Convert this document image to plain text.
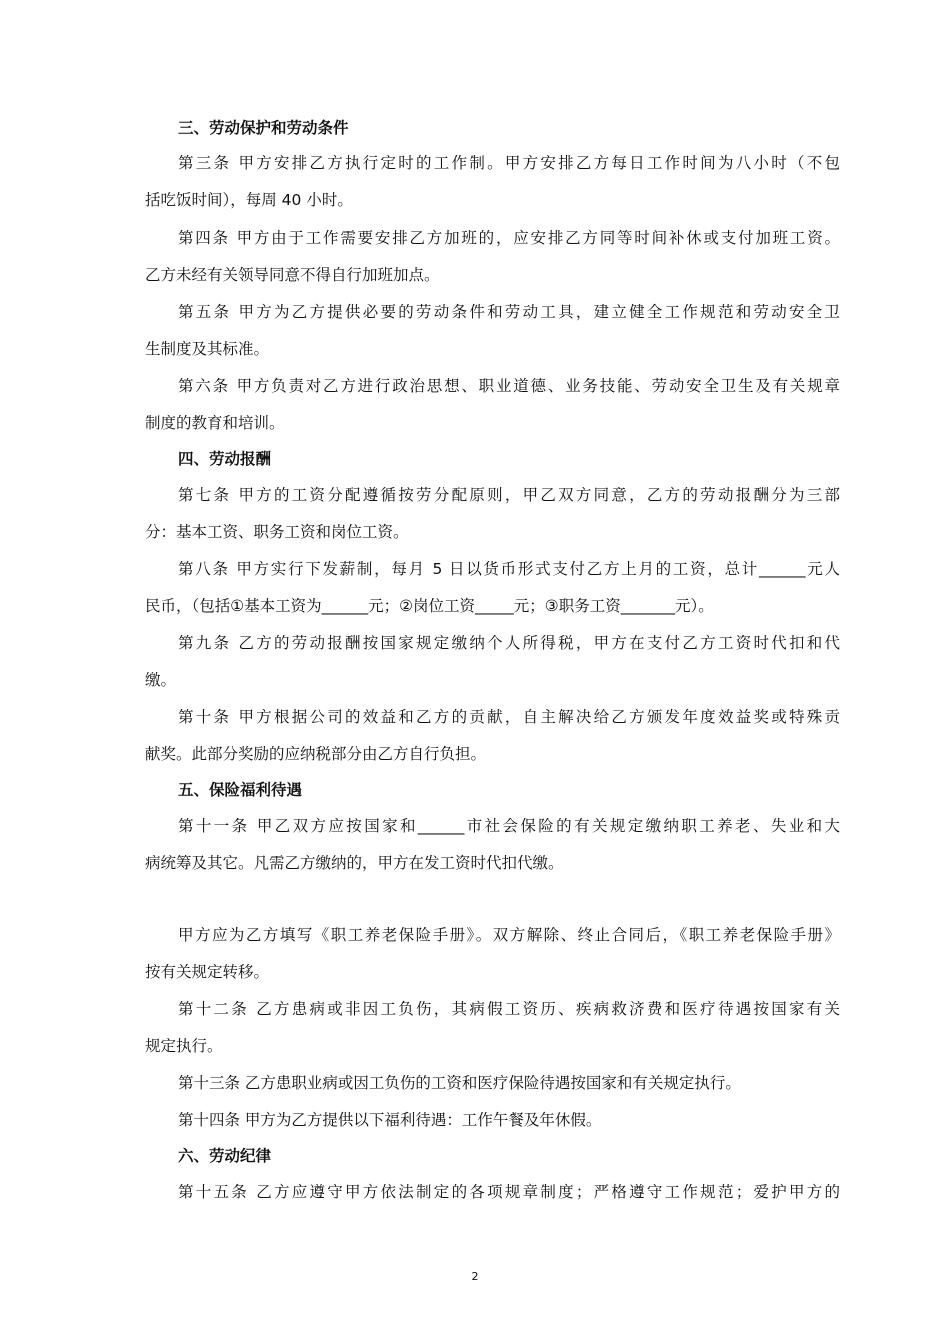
三、劳动保护和劳动条件
第三条 甲方安排乙方执行定时的工作制。甲方安排乙方每日工作时间为八小时（不包
括吃饭时间），每周 40 小时。
第四条 甲方由于工作需要安排乙方加班的，应安排乙方同等时间补休或支付加班工资。
乙方未经有关领导同意不得自行加班加点。
第五条 甲方为乙方提供必要的劳动条件和劳动工具，建立健全工作规范和劳动安全卫
生制度及其标准。
第六条 甲方负责对乙方进行政治思想、职业道德、业务技能、劳动安全卫生及有关规章
制度的教育和培训。
四、劳动报酬
第七条 甲方的工资分配遵循按劳分配原则，甲乙双方同意，乙方的劳动报酬分为三部
分：基本工资、职务工资和岗位工资。
第八条 甲方实行下发薪制，每月 5 日以货币形式支付乙方上月的工资，总计______元人
民币，（包括①基本工资为______元；②岗位工资_____元；③职务工资_______元）。
第九条 乙方的劳动报酬按国家规定缴纳个人所得税，甲方在支付乙方工资时代扣和代
缴。
第十条 甲方根据公司的效益和乙方的贡献，自主解决给乙方颁发年度效益奖或特殊贡
献奖。此部分奖励的应纳税部分由乙方自行负担。
五、保险福利待遇
第十一条 甲乙双方应按国家和______市社会保险的有关规定缴纳职工养老、失业和大
病统筹及其它。凡需乙方缴纳的，甲方在发工资时代扣代缴。
甲方应为乙方填写《职工养老保险手册》。双方解除、终止合同后，《职工养老保险手册》
按有关规定转移。
第十二条 乙方患病或非因工负伤，其病假工资历、疾病救济费和医疗待遇按国家有关
规定执行。
第十三条 乙方患职业病或因工负伤的工资和医疗保险待遇按国家和有关规定执行。
第十四条 甲方为乙方提供以下福利待遇：工作午餐及年休假。
六、劳动纪律
第十五条 乙方应遵守甲方依法制定的各项规章制度；严格遵守工作规范；爱护甲方的
2
